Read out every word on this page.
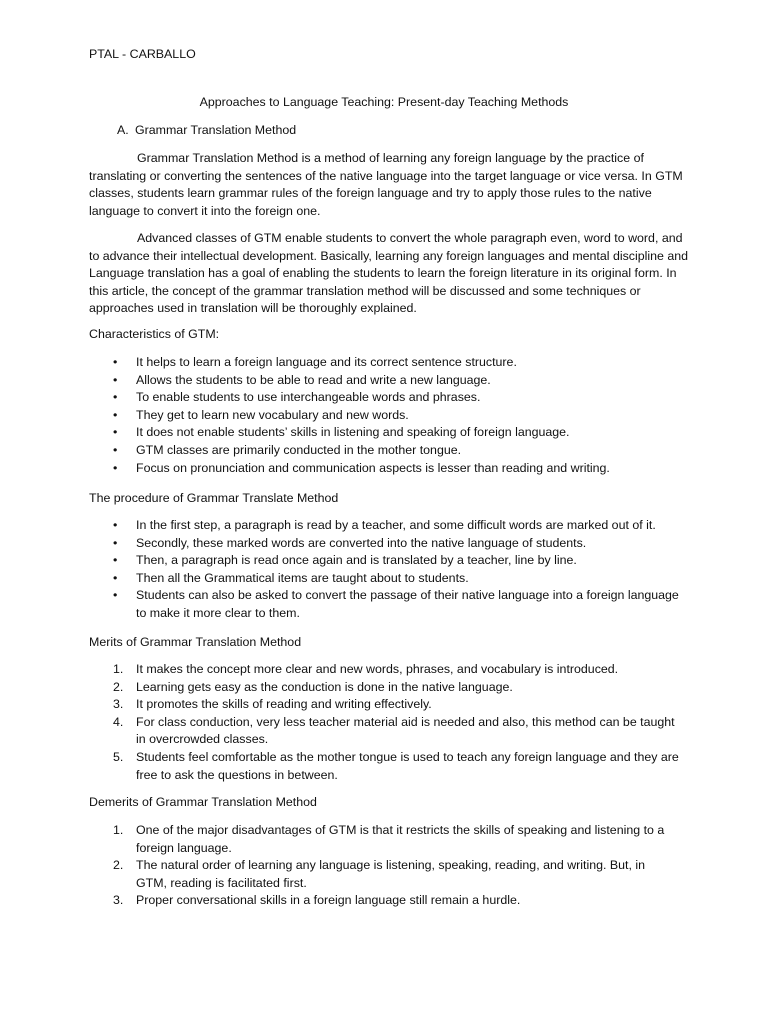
PTAL - CARBALLO

Approaches to Language Teaching: Present-day Teaching Methods

A. Grammar Translation Method

Grammar Translation Method is a method of learning any foreign language by the practice of translating or converting the sentences of the native language into the target language or vice versa. In GTM classes, students learn grammar rules of the foreign language and try to apply those rules to the native language to convert it into the foreign one.

Advanced classes of GTM enable students to convert the whole paragraph even, word to word, and to advance their intellectual development. Basically, learning any foreign languages and mental discipline and Language translation has a goal of enabling the students to learn the foreign literature in its original form. In this article, the concept of the grammar translation method will be discussed and some techniques or approaches used in translation will be thoroughly explained.

Characteristics of GTM:

• It helps to learn a foreign language and its correct sentence structure.
• Allows the students to be able to read and write a new language.
• To enable students to use interchangeable words and phrases.
• They get to learn new vocabulary and new words.
• It does not enable students’ skills in listening and speaking of foreign language.
• GTM classes are primarily conducted in the mother tongue.
• Focus on pronunciation and communication aspects is lesser than reading and writing.

The procedure of Grammar Translate Method

• In the first step, a paragraph is read by a teacher, and some difficult words are marked out of it.
• Secondly, these marked words are converted into the native language of students.
• Then, a paragraph is read once again and is translated by a teacher, line by line.
• Then all the Grammatical items are taught about to students.
• Students can also be asked to convert the passage of their native language into a foreign language to make it more clear to them.

Merits of Grammar Translation Method

1. It makes the concept more clear and new words, phrases, and vocabulary is introduced.
2. Learning gets easy as the conduction is done in the native language.
3. It promotes the skills of reading and writing effectively.
4. For class conduction, very less teacher material aid is needed and also, this method can be taught in overcrowded classes.
5. Students feel comfortable as the mother tongue is used to teach any foreign language and they are free to ask the questions in between.

Demerits of Grammar Translation Method

1. One of the major disadvantages of GTM is that it restricts the skills of speaking and listening to a foreign language.
2. The natural order of learning any language is listening, speaking, reading, and writing. But, in GTM, reading is facilitated first.
3. Proper conversational skills in a foreign language still remain a hurdle.
